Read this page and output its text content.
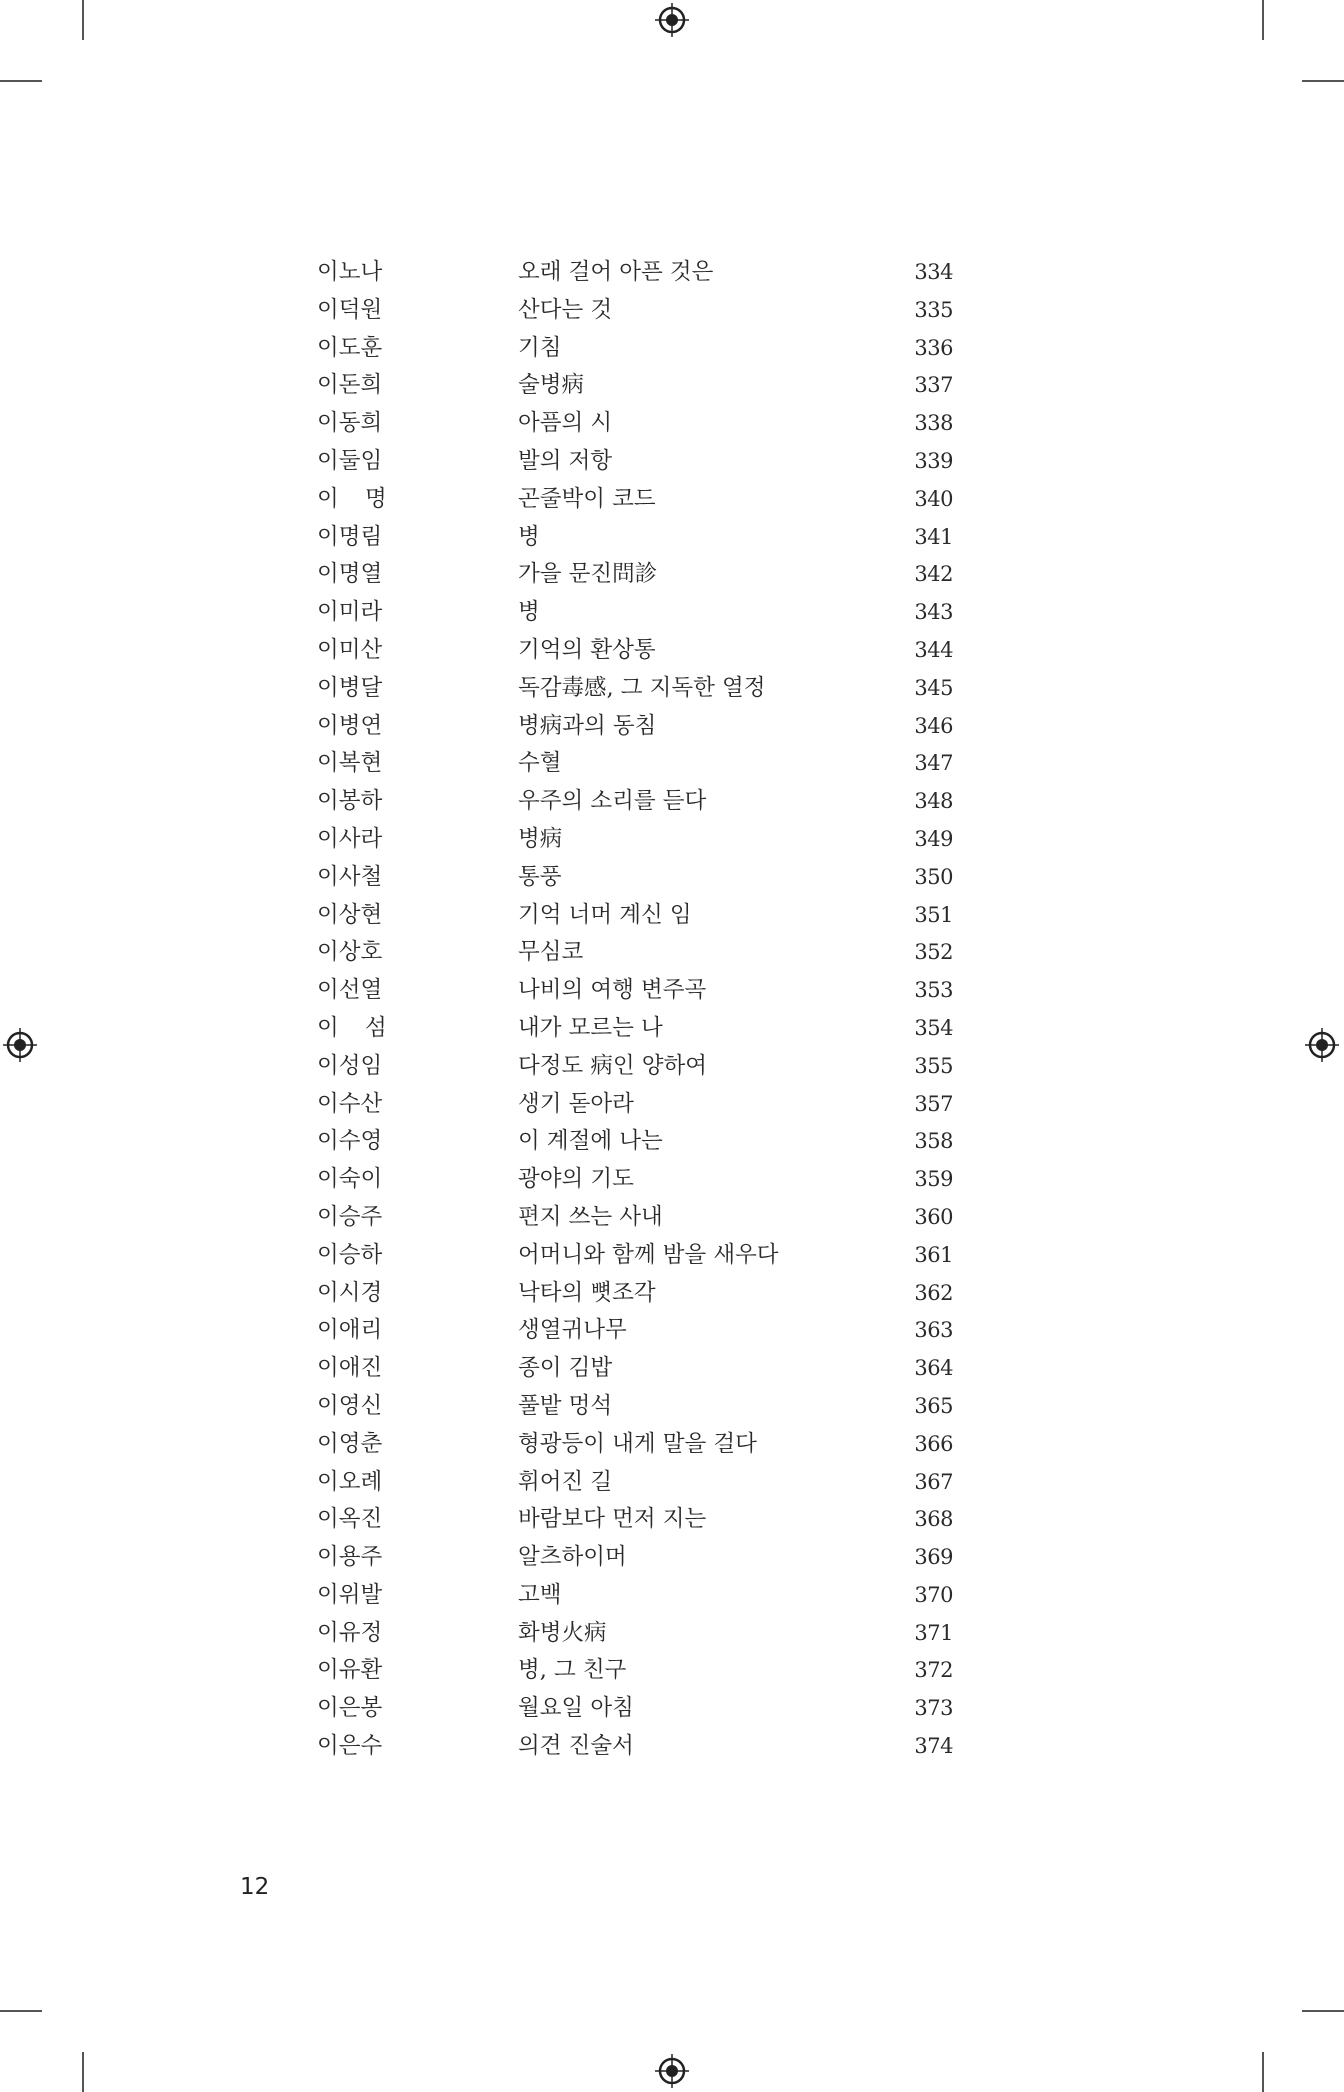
이노나	오래 걸어 아픈 것은	334
이덕원	산다는 것	335
이도훈	기침	336
이돈희	술병病	337
이동희	아픔의 시	338
이둘임	발의 저항	339
이 명	곤줄박이 코드	340
이명림	병	341
이명열	가을 문진問診	342
이미라	병	343
이미산	기억의 환상통	344
이병달	독감毒感, 그 지독한 열정	345
이병연	병病과의 동침	346
이복현	수혈	347
이봉하	우주의 소리를 듣다	348
이사라	병病	349
이사철	통풍	350
이상현	기억 너머 계신 임	351
이상호	무심코	352
이선열	나비의 여행 변주곡	353
이 섬	내가 모르는 나	354
이성임	다정도 病인 양하여	355
이수산	생기 돋아라	357
이수영	이 계절에 나는	358
이숙이	광야의 기도	359
이승주	편지 쓰는 사내	360
이승하	어머니와 함께 밤을 새우다	361
이시경	낙타의 뼛조각	362
이애리	생열귀나무	363
이애진	종이 김밥	364
이영신	풀밭 멍석	365
이영춘	형광등이 내게 말을 걸다	366
이오례	휘어진 길	367
이옥진	바람보다 먼저 지는	368
이용주	알츠하이머	369
이위발	고백	370
이유정	화병火病	371
이유환	병, 그 친구	372
이은봉	월요일 아침	373
이은수	의견 진술서	374
12
